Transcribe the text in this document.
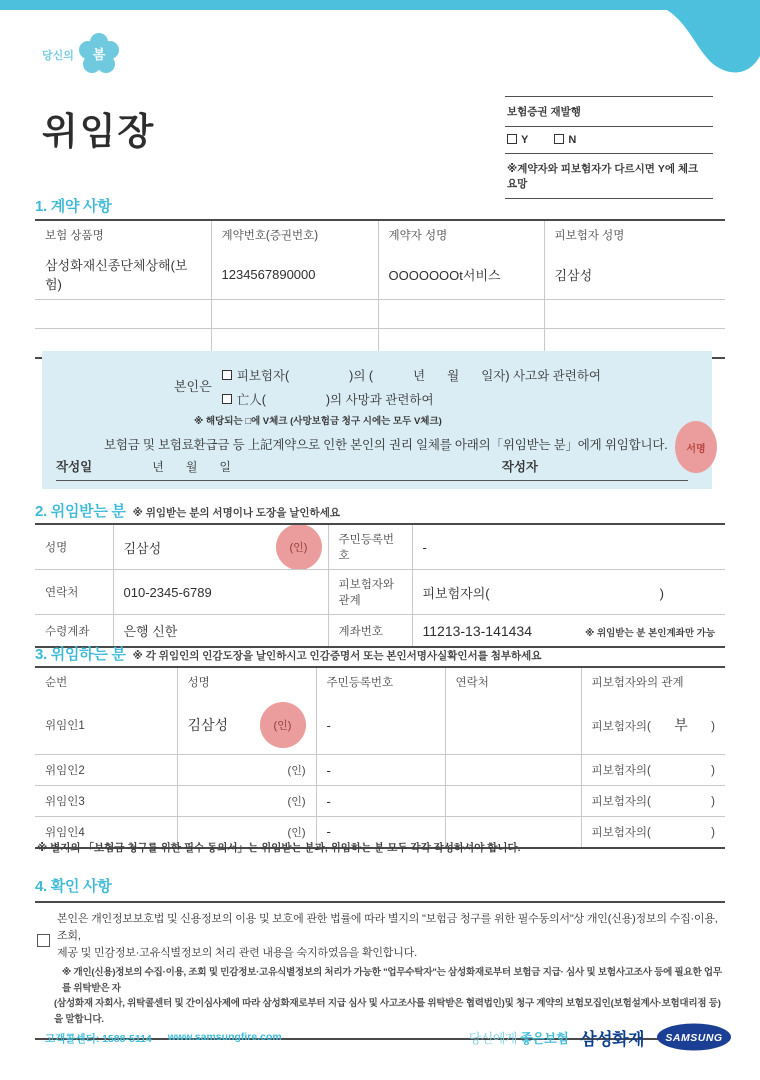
당신의 봄
위임장	보험증권 재발행
Y	N
※계약자와 피보험자가 다르시면 Y에 체크 요망
1. 계약 사항
보험 상품명	계약번호(증권번호)	계약자 성명	피보험자 성명
삼성화재신종단체상해(보험)	1234567890000	OOOOOOOt서비스	김삼성

본인은
피보험자(	)의 (	년 월 일자) 사고와 관련하여
亡人(	)의 사망과 관련하여
※ 해당되는 □에 V체크 (사망보험금 청구 시에는 모두 V체크)
보험금 및 보험료환급금 등 上記계약으로 인한 본인의 권리 일체를 아래의「위임받는 분」에게 위임합니다.
작성일	년 월 일	작성자
서명
2. 위임받는 분 ※ 위임받는 분의 서명이나 도장을 날인하세요
성명	김삼성 (인)	주민등록번호	-
연락처	010-2345-6789	피보험자와 관계	피보험자의( )

수령계좌	은행 신한	계좌번호	11213-13-141434 ※ 위임받는 분 본인계좌만 가능
3. 위임하는 분 ※ 각 위임인의 인감도장을 날인하시고 인감증명서 또는 본인서명사실확인서를 첨부하세요
순번	성명	주민등록번호	연락처	피보험자와의 관계
위임인1	김삼성 (인)	-		피보험자의( 부 )

위임인2	(인)	-		피보험자의( )

위임인3	(인)	-		피보험자의( )

위임인4	(인)	-		피보험자의( )
※ 별지의 「보험금 청구를 위한 필수 동의서」는 위임받는 분과, 위임하는 분 모두 각각 작성하셔야 합니다.
4. 확인 사항
본인은 개인정보보호법 및 신용정보의 이용 및 보호에 관한 법률에 따라 별지의 "보험금 청구를 위한 필수동의서"상 개인(신용)정보의 수집·이용,조회,
제공 및 민감정보·고유식별정보의 처리 관련 내용을 숙지하였음을 확인합니다.
※ 개인(신용)정보의 수집·이용, 조회 및 민감정보·고유식별정보의 처리가 가능한 "업무수탁자"는 삼성화재로부터 보험금 지급· 심사 및 보험사고조사 등에 필요한 업무를 위탁받은 자
(삼성화재 자회사, 위탁콜센터 및 간이심사제에 따라 삼성화재로부터 지급 심사 및 사고조사를 위탁받은 협력법인)및 청구 계약의 보험모집인(보험설계사·보험대리점 등)을 말합니다.
고객콜센터: 1588-5114 www.samsungfire.com	당신에게 좋은보험 삼성화재 SAMSUNG
